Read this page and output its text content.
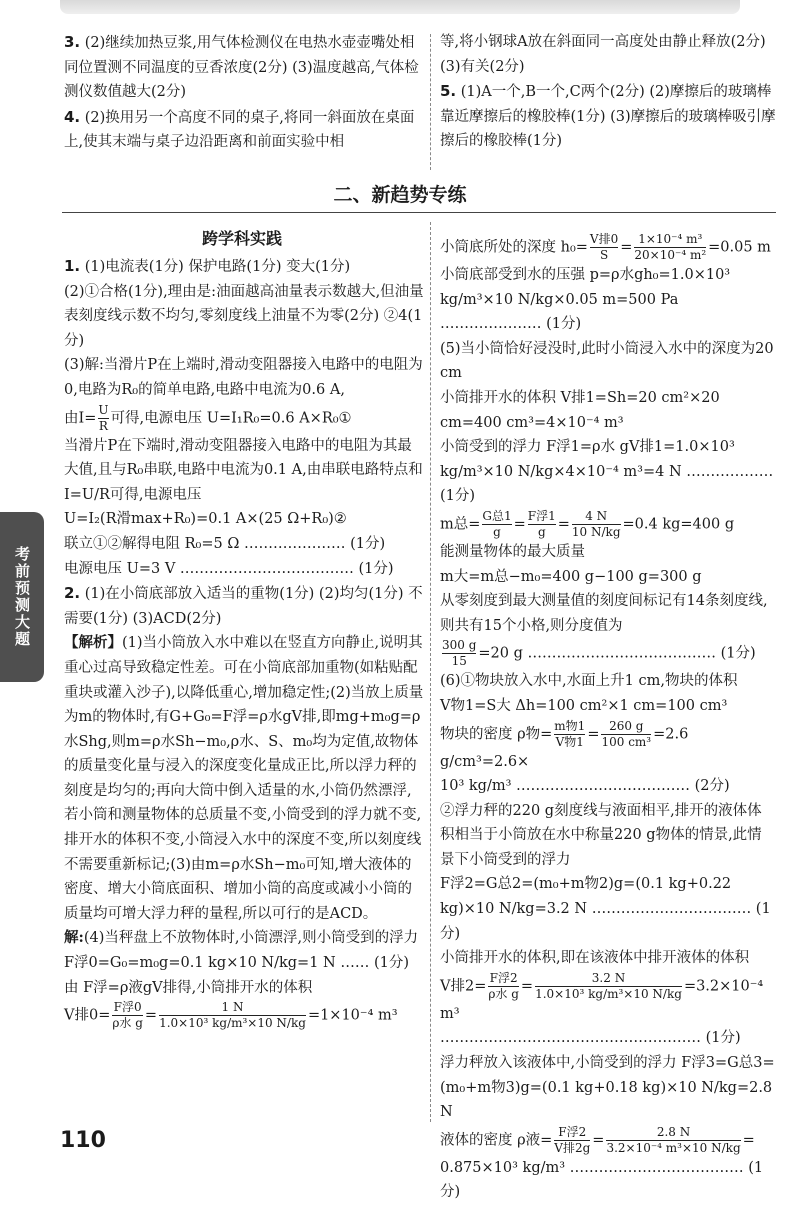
3. (2)继续加热豆浆,用气体检测仪在电热水壶壶嘴处相同位置测不同温度的豆香浓度(2分) (3)温度越高,气体检测仪数值越大(2分)

4. (2)换用另一个高度不同的桌子,将同一斜面放在桌面上,使其末端与桌子边沿距离和前面实验中相

等,将小钢球A放在斜面同一高度处由静止释放(2分) (3)有关(2分)

5. (1)A一个,B一个,C两个(2分) (2)摩擦后的玻璃棒靠近摩擦后的橡胶棒(1分) (3)摩擦后的玻璃棒吸引摩擦后的橡胶棒(1分)

二、新趋势专练
跨学科实践

1. (1)电流表(1分) 保护电路(1分) 变大(1分)

(2)①合格(1分),理由是:油面越高油量表示数越大,但油量表刻度线示数不均匀,零刻度线上油量不为零(2分) ②4(1分)

(3)解:当滑片P在上端时,滑动变阻器接入电路中的电阻为0,电路为R₀的简单电路,电路中电流为0.6 A,

由$I= \frac{U}{R}$ 可得,电源电压 U=I₁R₀=0.6 A×R₀①

当滑片P在下端时,滑动变阻器接入电路中的电阻为其最大值,且与R₀串联,电路中电流为0.1 A,由串联电路特点和I=U/R可得,电源电压

U=I₂(R滑max+R₀)=0.1 A×(25 Ω+R₀)②

联立①②解得电阻 R₀=5 Ω ………………… (1分)

电源电压 U=3 V ……………………………… (1分)

2. (1)在小筒底部放入适当的重物(1分) (2)均匀(1分) 不需要(1分) (3)ACD(2分)

【解析】(1)当小筒放入水中难以在竖直方向静止,说明其重心过高导致稳定性差。可在小筒底部加重物(如粘贴配重块或灌入沙子),以降低重心,增加稳定性;(2)当放上质量为m的物体时,有G+G₀=F浮=ρ水gV排,即mg+m₀g=ρ水Shg,则m=ρ水Sh−m₀,ρ水、S、m₀均为定值,故物体的质量变化量与浸入的深度变化量成正比,所以浮力秤的刻度是均匀的;再向大筒中倒入适量的水,小筒仍然漂浮,若小筒和测量物体的总质量不变,小筒受到的浮力就不变,排开水的体积不变,小筒浸入水中的深度不变,所以刻度线不需要重新标记;(3)由m=ρ水Sh−m₀可知,增大液体的密度、增大小筒底面积、增加小筒的高度或减小小筒的质量均可增大浮力秤的量程,所以可行的是ACD。

解:(4)当秤盘上不放物体时,小筒漂浮,则小筒受到的浮力

F浮0=G₀=m₀g=0.1 kg×10 N/kg=1 N …… (1分)

由 F浮=ρ液gV排得,小筒排开水的体积

V排$0= \frac{\text{F浮0}}{\text{ρ水 g}} = \frac{1 N}{\text{1.0×10³ kg/m³×10 N/kg}} =1\times 10^{-4}$ m³

小筒底所处的深度 $h_0= \frac{\text{V排0}}{S} = \frac{\text{1×10⁻⁴ m³}}{\text{20×10⁻⁴ m²}} =0.05$ m

小筒底部受到水的压强 p=ρ水gh₀=1.0×10³ kg/m³×10 N/kg×0.05 m=500 Pa ………………… (1分)

(5)当小筒恰好浸没时,此时小筒浸入水中的深度为20 cm

小筒排开水的体积 V排1=Sh=20 cm²×20 cm=400 cm³=4×10⁻⁴ m³

小筒受到的浮力 F浮1=ρ水 gV排1=1.0×10³ kg/m³×10 N/kg×4×10⁻⁴ m³=4 N ……………… (1分)

m总= $\frac{\text{G总1}}{g} = \frac{\text{F浮1}}{g} = \frac{4 N}{10 N/kg} =0.4$ kg=400 g

能测量物体的最大质量

m大=m总−m₀=400 g−100 g=300 g

从零刻度到最大测量值的刻度间标记有14条刻度线,则共有15个小格,则分度值为

$\frac{300 g}{15} =20$ g ………………………………… (1分)

(6)①物块放入水中,水面上升1 cm,物块的体积

V物1=S大 Δh=100 cm²×1 cm=100 cm³

物块的密度 ρ物= $\frac{\text{m物1}}{\text{V物1}} = \frac{260 g}{\text{100 cm³}} =2.6$ g/cm³=2.6×

10³ kg/m³ ……………………………… (2分)

②浮力秤的220 g刻度线与液面相平,排开的液体体积相当于小筒放在水中称量220 g物体的情景,此情景下小筒受到的浮力

F浮2=G总2=(m₀+m物2)g=(0.1 kg+0.22 kg)×10 N/kg=3.2 N …………………………… (1分)

小筒排开水的体积,即在该液体中排开液体的体积

V排$2= \frac{\text{F浮2}}{\text{ρ水 g}} = \frac{3.2 N}{\text{1.0×10³ kg/m³×10 N/kg}} =3.2\times 10^{-4}$ m³

……………………………………………… (1分)

浮力秤放入该液体中,小筒受到的浮力 F浮3=G总3=(m₀+m物3)g=(0.1 kg+0.18 kg)×10 N/kg=2.8 N

液体的密度 ρ液= $\frac{\text{F浮2}}{\text{V排2g}} = \frac{2.8 N}{\text{3.2×10⁻⁴ m³×10 N/kg}}$ =

0.875×10³ kg/m³ ……………………………… (1分)

考前预测大题
110
